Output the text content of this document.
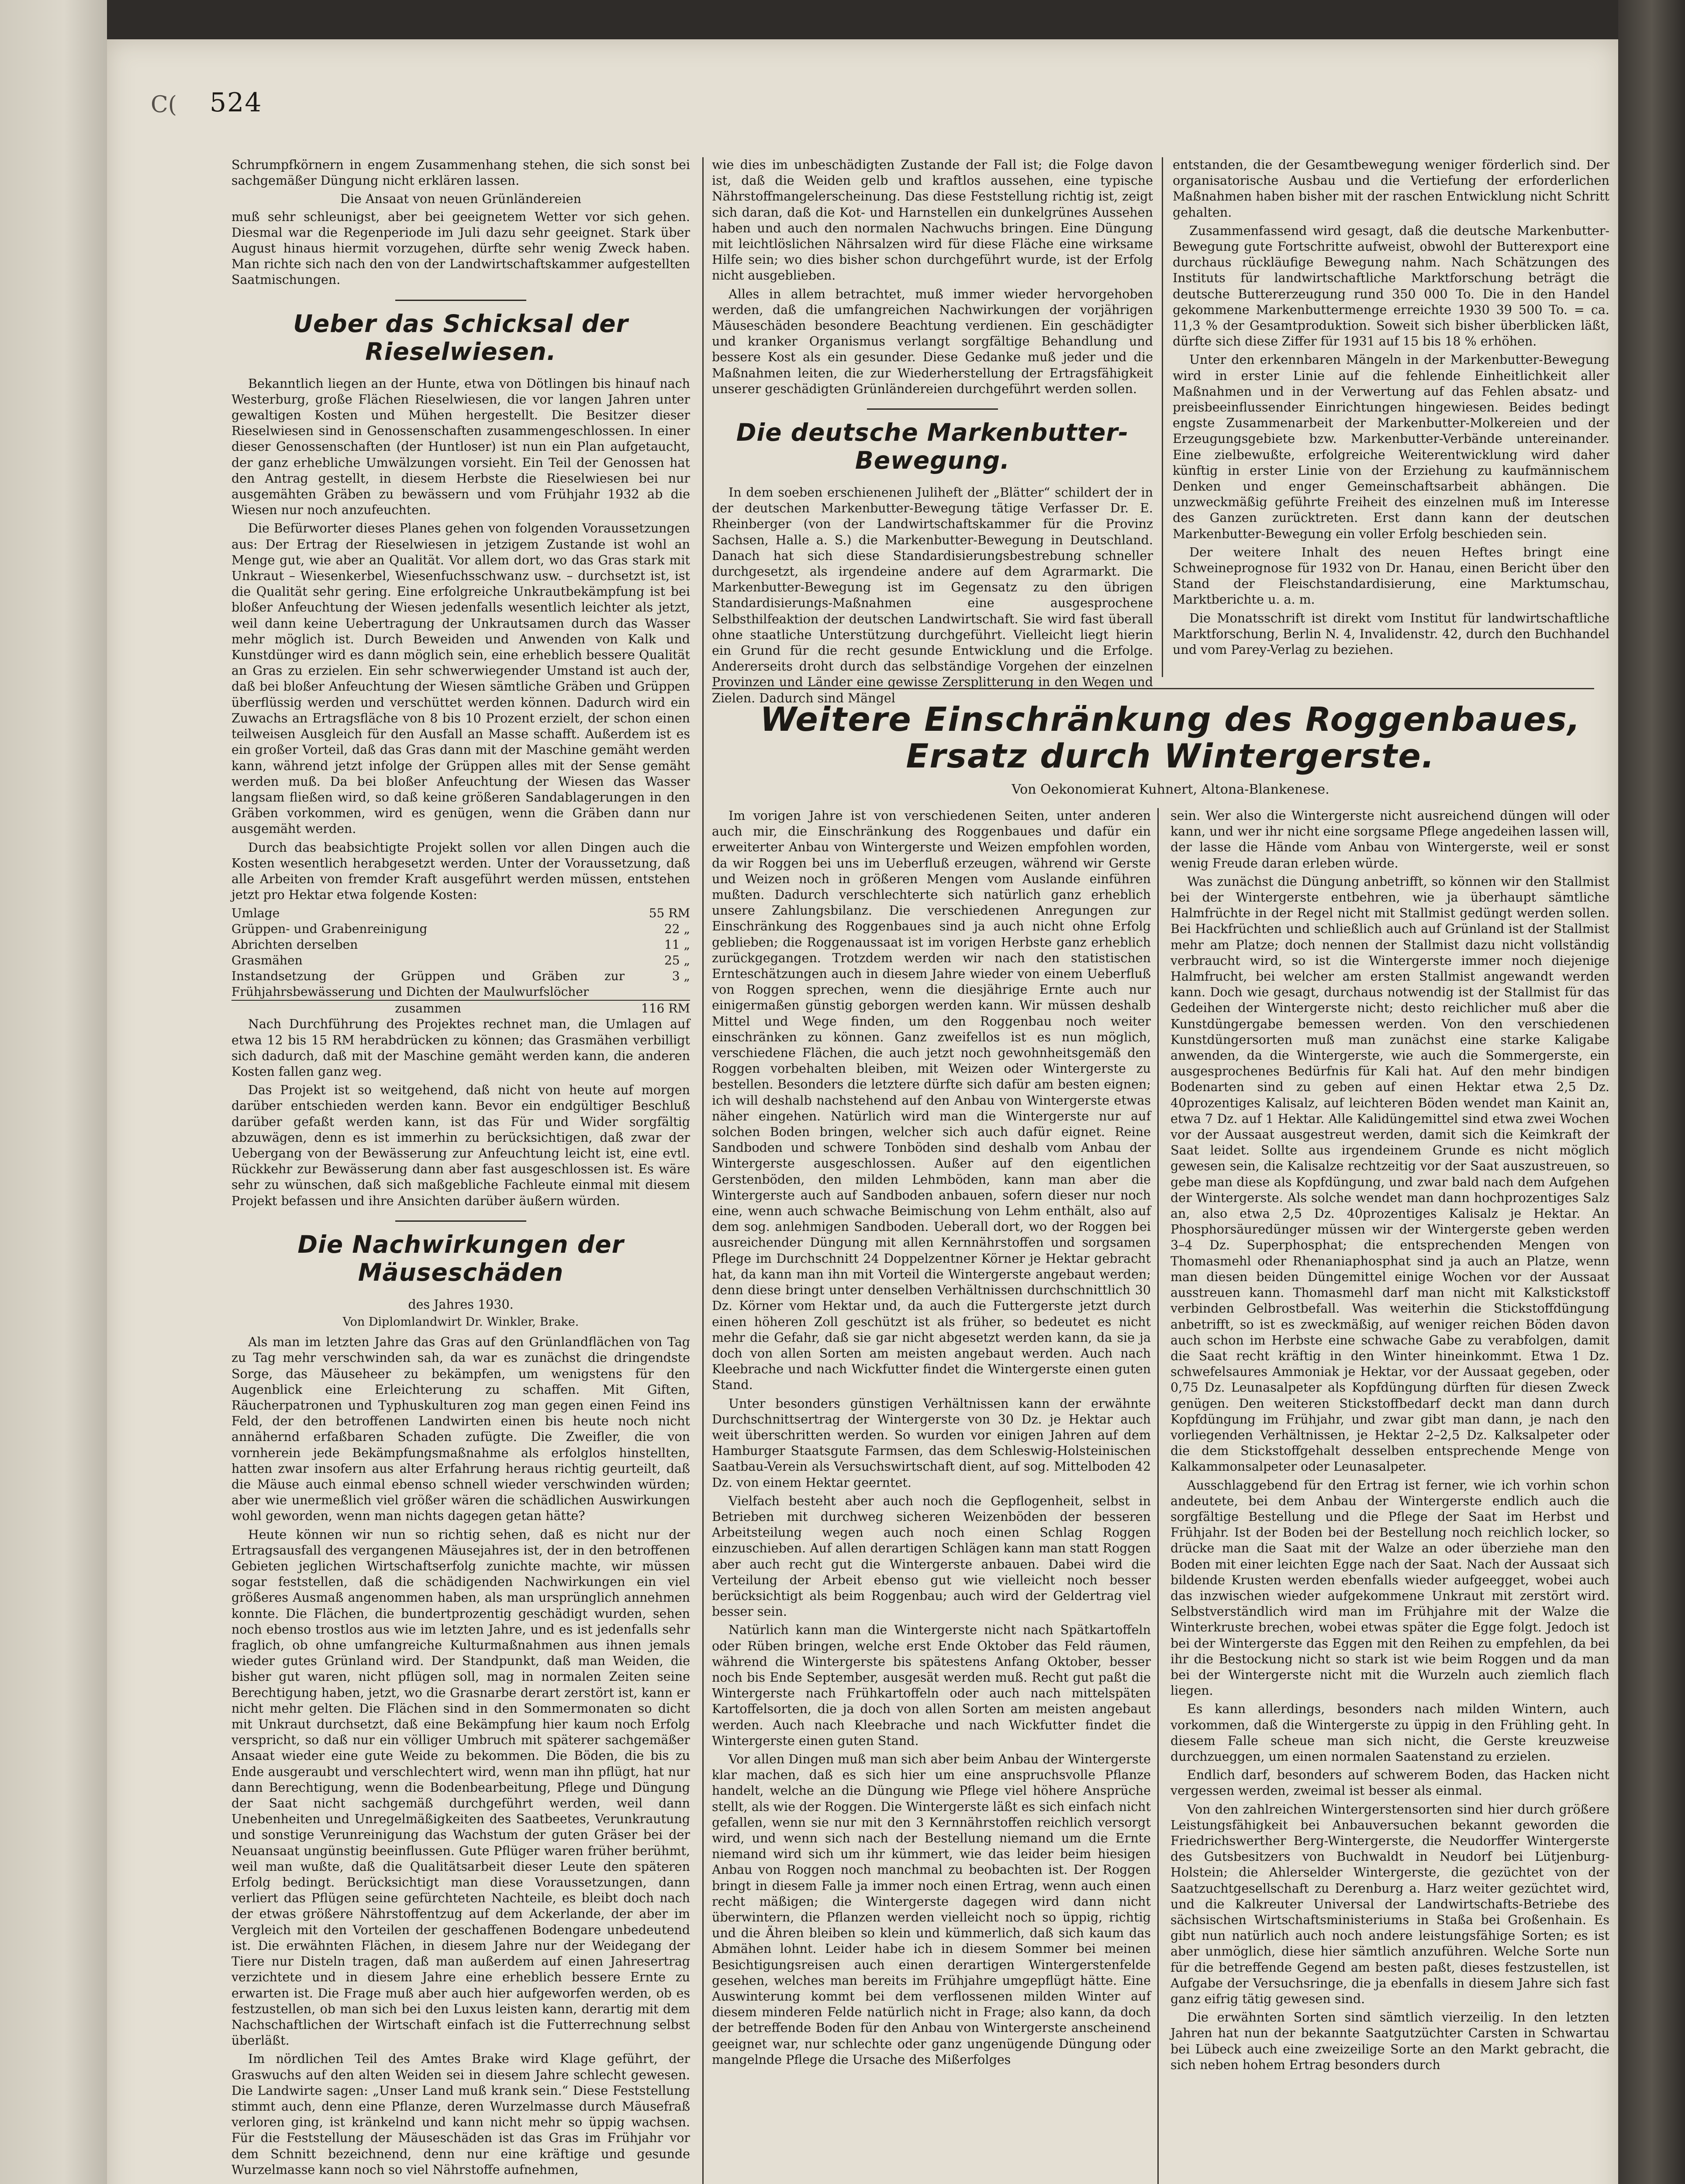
C( 524

Schrumpfkörnern in engem Zusammenhang stehen, die sich sonst bei sachgemäßer Düngung nicht erklären lassen.

Die Ansaat von neuen Grünländereien

muß sehr schleunigst, aber bei geeignetem Wetter vor sich gehen. Diesmal war die Regenperiode im Juli dazu sehr geeignet. Stark über August hinaus hiermit vorzugehen, dürfte sehr wenig Zweck haben. Man richte sich nach den von der Landwirtschaftskammer aufgestellten Saatmischungen.

Ueber das Schicksal der Rieselwiesen.

Bekanntlich liegen an der Hunte, etwa von Dötlingen bis hinauf nach Westerburg, große Flächen Rieselwiesen, die vor langen Jahren unter gewaltigen Kosten und Mühen hergestellt. Die Besitzer dieser Rieselwiesen sind in Genossenschaften zusammengeschlossen. In einer dieser Genossenschaften (der Huntloser) ist nun ein Plan aufgetaucht, der ganz erhebliche Umwälzungen vorsieht. Ein Teil der Genossen hat den Antrag gestellt, in diesem Herbste die Rieselwiesen bei nur ausgemähten Gräben zu bewässern und vom Frühjahr 1932 ab die Wiesen nur noch anzufeuchten.

Die Befürworter dieses Planes gehen von folgenden Voraussetzungen aus: Der Ertrag der Rieselwiesen in jetzigem Zustande ist wohl an Menge gut, wie aber an Qualität. Vor allem dort, wo das Gras stark mit Unkraut – Wiesenkerbel, Wiesenfuchsschwanz usw. – durchsetzt ist, ist die Qualität sehr gering. Eine erfolgreiche Unkrautbekämpfung ist bei bloßer Anfeuchtung der Wiesen jedenfalls wesentlich leichter als jetzt, weil dann keine Uebertragung der Unkrautsamen durch das Wasser mehr möglich ist. Durch Beweiden und Anwenden von Kalk und Kunstdünger wird es dann möglich sein, eine erheblich bessere Qualität an Gras zu erzielen. Ein sehr schwerwiegender Umstand ist auch der, daß bei bloßer Anfeuchtung der Wiesen sämtliche Gräben und Grüppen überflüssig werden und verschüttet werden können. Dadurch wird ein Zuwachs an Ertragsfläche von 8 bis 10 Prozent erzielt, der schon einen teilweisen Ausgleich für den Ausfall an Masse schafft. Außerdem ist es ein großer Vorteil, daß das Gras dann mit der Maschine gemäht werden kann, während jetzt infolge der Grüppen alles mit der Sense gemäht werden muß. Da bei bloßer Anfeuchtung der Wiesen das Wasser langsam fließen wird, so daß keine größeren Sandablagerungen in den Gräben vorkommen, wird es genügen, wenn die Gräben dann nur ausgemäht werden.

Durch das beabsichtigte Projekt sollen vor allen Dingen auch die Kosten wesentlich herabgesetzt werden. Unter der Voraussetzung, daß alle Arbeiten von fremder Kraft ausgeführt werden müssen, entstehen jetzt pro Hektar etwa folgende Kosten:

Umlage	55 RM
Grüppen- und Grabenreinigung	22 „
Abrichten derselben	11 „
Grasmähen	25 „
Instandsetzung der Grüppen und Gräben zur Frühjahrsbewässerung und Dichten der Maulwurfslöcher	3 „
zusammen	116 RM

Nach Durchführung des Projektes rechnet man, die Umlagen auf etwa 12 bis 15 RM herabdrücken zu können; das Grasmähen verbilligt sich dadurch, daß mit der Maschine gemäht werden kann, die anderen Kosten fallen ganz weg.

Das Projekt ist so weitgehend, daß nicht von heute auf morgen darüber entschieden werden kann. Bevor ein endgültiger Beschluß darüber gefaßt werden kann, ist das Für und Wider sorgfältig abzuwägen, denn es ist immerhin zu berücksichtigen, daß zwar der Uebergang von der Bewässerung zur Anfeuchtung leicht ist, eine evtl. Rückkehr zur Bewässerung dann aber fast ausgeschlossen ist. Es wäre sehr zu wünschen, daß sich maßgebliche Fachleute einmal mit diesem Projekt befassen und ihre Ansichten darüber äußern würden.

Die Nachwirkungen der Mäuseschäden

des Jahres 1930.

Von Diplomlandwirt Dr. Winkler, Brake.

Als man im letzten Jahre das Gras auf den Grünlandflächen von Tag zu Tag mehr verschwinden sah, da war es zunächst die dringendste Sorge, das Mäuseheer zu bekämpfen, um wenigstens für den Augenblick eine Erleichterung zu schaffen. Mit Giften, Räucherpatronen und Typhuskulturen zog man gegen einen Feind ins Feld, der den betroffenen Landwirten einen bis heute noch nicht annähernd erfaßbaren Schaden zufügte. Die Zweifler, die von vornherein jede Bekämpfungsmaßnahme als erfolglos hinstellten, hatten zwar insofern aus alter Erfahrung heraus richtig geurteilt, daß die Mäuse auch einmal ebenso schnell wieder verschwinden würden; aber wie unermeßlich viel größer wären die schädlichen Auswirkungen wohl geworden, wenn man nichts dagegen getan hätte?

Heute können wir nun so richtig sehen, daß es nicht nur der Ertragsausfall des vergangenen Mäusejahres ist, der in den betroffenen Gebieten jeglichen Wirtschaftserfolg zunichte machte, wir müssen sogar feststellen, daß die schädigenden Nachwirkungen ein viel größeres Ausmaß angenommen haben, als man ursprünglich annehmen konnte. Die Flächen, die bundertprozentig geschädigt wurden, sehen noch ebenso trostlos aus wie im letzten Jahre, und es ist jedenfalls sehr fraglich, ob ohne umfangreiche Kulturmaßnahmen aus ihnen jemals wieder gutes Grünland wird. Der Standpunkt, daß man Weiden, die bisher gut waren, nicht pflügen soll, mag in normalen Zeiten seine Berechtigung haben, jetzt, wo die Grasnarbe derart zerstört ist, kann er nicht mehr gelten. Die Flächen sind in den Sommermonaten so dicht mit Unkraut durchsetzt, daß eine Bekämpfung hier kaum noch Erfolg verspricht, so daß nur ein völliger Umbruch mit späterer sachgemäßer Ansaat wieder eine gute Weide zu bekommen. Die Böden, die bis zu Ende ausgeraubt und verschlechtert wird, wenn man ihn pflügt, hat nur dann Berechtigung, wenn die Bodenbearbeitung, Pflege und Düngung der Saat nicht sachgemäß durchgeführt werden, weil dann Unebenheiten und Unregelmäßigkeiten des Saatbeetes, Verunkrautung und sonstige Verunreinigung das Wachstum der guten Gräser bei der Neuansaat ungünstig beeinflussen. Gute Pflüger waren früher berühmt, weil man wußte, daß die Qualitätsarbeit dieser Leute den späteren Erfolg bedingt. Berücksichtigt man diese Voraussetzungen, dann verliert das Pflügen seine gefürchteten Nachteile, es bleibt doch nach der etwas größere Nährstoffentzug auf dem Ackerlande, der aber im Vergleich mit den Vorteilen der geschaffenen Bodengare unbedeutend ist. Die erwähnten Flächen, in diesem Jahre nur der Weidegang der Tiere nur Disteln tragen, daß man außerdem auf einen Jahresertrag verzichtete und in diesem Jahre eine erheblich bessere Ernte zu erwarten ist. Die Frage muß aber auch hier aufgeworfen werden, ob es festzustellen, ob man sich bei den Luxus leisten kann, derartig mit dem Nachschaftlichen der Wirtschaft einfach ist die Futterrechnung selbst überläßt.

Im nördlichen Teil des Amtes Brake wird Klage geführt, der Graswuchs auf den alten Weiden sei in diesem Jahre schlecht gewesen. Die Landwirte sagen: „Unser Land muß krank sein.“ Diese Feststellung stimmt auch, denn eine Pflanze, deren Wurzelmasse durch Mäusefraß verloren ging, ist kränkelnd und kann nicht mehr so üppig wachsen. Für die Feststellung der Mäuseschäden ist das Gras im Frühjahr vor dem Schnitt bezeichnend, denn nur eine kräftige und gesunde Wurzelmasse kann noch so viel Nährstoffe aufnehmen,

wie dies im unbeschädigten Zustande der Fall ist; die Folge davon ist, daß die Weiden gelb und kraftlos aussehen, eine typische Nährstoffmangelerscheinung. Das diese Feststellung richtig ist, zeigt sich daran, daß die Kot- und Harnstellen ein dunkelgrünes Aussehen haben und auch den normalen Nachwuchs bringen. Eine Düngung mit leichtlöslichen Nährsalzen wird für diese Fläche eine wirksame Hilfe sein; wo dies bisher schon durchgeführt wurde, ist der Erfolg nicht ausgeblieben.

Alles in allem betrachtet, muß immer wieder hervorgehoben werden, daß die umfangreichen Nachwirkungen der vorjährigen Mäuseschäden besondere Beachtung verdienen. Ein geschädigter und kranker Organismus verlangt sorgfältige Behandlung und bessere Kost als ein gesunder. Diese Gedanke muß jeder und die Maßnahmen leiten, die zur Wiederherstellung der Ertragsfähigkeit unserer geschädigten Grünländereien durchgeführt werden sollen.

Die deutsche Markenbutter-Bewegung.

In dem soeben erschienenen Juliheft der „Blätter“ schildert der in der deutschen Markenbutter-Bewegung tätige Verfasser Dr. E. Rheinberger (von der Landwirtschaftskammer für die Provinz Sachsen, Halle a. S.) die Markenbutter-Bewegung in Deutschland. Danach hat sich diese Standardisierungsbestrebung schneller durchgesetzt, als irgendeine andere auf dem Agrarmarkt. Die Markenbutter-Bewegung ist im Gegensatz zu den übrigen Standardisierungs-Maßnahmen eine ausgesprochene Selbsthilfeaktion der deutschen Landwirtschaft. Sie wird fast überall ohne staatliche Unterstützung durchgeführt. Vielleicht liegt hierin ein Grund für die recht gesunde Entwicklung und die Erfolge. Andererseits droht durch das selbständige Vorgehen der einzelnen Provinzen und Länder eine gewisse Zersplitterung in den Wegen und Zielen. Dadurch sind Mängel

entstanden, die der Gesamtbewegung weniger förderlich sind. Der organisatorische Ausbau und die Vertiefung der erforderlichen Maßnahmen haben bisher mit der raschen Entwicklung nicht Schritt gehalten.

Zusammenfassend wird gesagt, daß die deutsche Markenbutter-Bewegung gute Fortschritte aufweist, obwohl der Butterexport eine durchaus rückläufige Bewegung nahm. Nach Schätzungen des Instituts für landwirtschaftliche Marktforschung beträgt die deutsche Buttererzeugung rund 350 000 To. Die in den Handel gekommene Markenbuttermenge erreichte 1930 39 500 To. = ca. 11,3 % der Gesamtproduktion. Soweit sich bisher überblicken läßt, dürfte sich diese Ziffer für 1931 auf 15 bis 18 % erhöhen.

Unter den erkennbaren Mängeln in der Markenbutter-Bewegung wird in erster Linie auf die fehlende Einheitlichkeit aller Maßnahmen und in der Verwertung auf das Fehlen absatz- und preisbeeinflussender Einrichtungen hingewiesen. Beides bedingt engste Zusammenarbeit der Markenbutter-Molkereien und der Erzeugungsgebiete bzw. Markenbutter-Verbände untereinander. Eine zielbewußte, erfolgreiche Weiterentwicklung wird daher künftig in erster Linie von der Erziehung zu kaufmännischem Denken und enger Gemeinschaftsarbeit abhängen. Die unzweckmäßig geführte Freiheit des einzelnen muß im Interesse des Ganzen zurücktreten. Erst dann kann der deutschen Markenbutter-Bewegung ein voller Erfolg beschieden sein.

Der weitere Inhalt des neuen Heftes bringt eine Schweineprognose für 1932 von Dr. Hanau, einen Bericht über den Stand der Fleischstandardisierung, eine Marktumschau, Marktberichte u. a. m.

Die Monatsschrift ist direkt vom Institut für landwirtschaftliche Marktforschung, Berlin N. 4, Invalidenstr. 42, durch den Buchhandel und vom Parey-Verlag zu beziehen.

Weitere Einschränkung des Roggenbaues,
Ersatz durch Wintergerste.
Von Oekonomierat Kuhnert, Altona-Blankenese.

Im vorigen Jahre ist von verschiedenen Seiten, unter anderen auch mir, die Einschränkung des Roggenbaues und dafür ein erweiterter Anbau von Wintergerste und Weizen empfohlen worden, da wir Roggen bei uns im Ueberfluß erzeugen, während wir Gerste und Weizen noch in größeren Mengen vom Auslande einführen mußten. Dadurch verschlechterte sich natürlich ganz erheblich unsere Zahlungsbilanz. Die verschiedenen Anregungen zur Einschränkung des Roggenbaues sind ja auch nicht ohne Erfolg geblieben; die Roggenaussaat ist im vorigen Herbste ganz erheblich zurückgegangen. Trotzdem werden wir nach den statistischen Ernteschätzungen auch in diesem Jahre wieder von einem Ueberfluß von Roggen sprechen, wenn die diesjährige Ernte auch nur einigermaßen günstig geborgen werden kann. Wir müssen deshalb Mittel und Wege finden, um den Roggenbau noch weiter einschränken zu können. Ganz zweifellos ist es nun möglich, verschiedene Flächen, die auch jetzt noch gewohnheitsgemäß den Roggen vorbehalten bleiben, mit Weizen oder Wintergerste zu bestellen. Besonders die letztere dürfte sich dafür am besten eignen; ich will deshalb nachstehend auf den Anbau von Wintergerste etwas näher eingehen. Natürlich wird man die Wintergerste nur auf solchen Boden bringen, welcher sich auch dafür eignet. Reine Sandboden und schwere Tonböden sind deshalb vom Anbau der Wintergerste ausgeschlossen. Außer auf den eigentlichen Gerstenböden, den milden Lehmböden, kann man aber die Wintergerste auch auf Sandboden anbauen, sofern dieser nur noch eine, wenn auch schwache Beimischung von Lehm enthält, also auf dem sog. anlehmigen Sandboden. Ueberall dort, wo der Roggen bei ausreichender Düngung mit allen Kernnährstoffen und sorgsamen Pflege im Durchschnitt 24 Doppelzentner Körner je Hektar gebracht hat, da kann man ihn mit Vorteil die Wintergerste angebaut werden; denn diese bringt unter denselben Verhältnissen durchschnittlich 30 Dz. Körner vom Hektar und, da auch die Futtergerste jetzt durch einen höheren Zoll geschützt ist als früher, so bedeutet es nicht mehr die Gefahr, daß sie gar nicht abgesetzt werden kann, da sie ja doch von allen Sorten am meisten angebaut werden. Auch nach Kleebrache und nach Wickfutter findet die Wintergerste einen guten Stand.

Unter besonders günstigen Verhältnissen kann der erwähnte Durchschnittsertrag der Wintergerste von 30 Dz. je Hektar auch weit überschritten werden. So wurden vor einigen Jahren auf dem Hamburger Staatsgute Farmsen, das dem Schleswig-Holsteinischen Saatbau-Verein als Versuchswirtschaft dient, auf sog. Mittelboden 42 Dz. von einem Hektar geerntet.

Vielfach besteht aber auch noch die Gepflogenheit, selbst in Betrieben mit durchweg sicheren Weizenböden der besseren Arbeitsteilung wegen auch noch einen Schlag Roggen einzuschieben. Auf allen derartigen Schlägen kann man statt Roggen aber auch recht gut die Wintergerste anbauen. Dabei wird die Verteilung der Arbeit ebenso gut wie vielleicht noch besser berücksichtigt als beim Roggenbau; auch wird der Geldertrag viel besser sein.

Natürlich kann man die Wintergerste nicht nach Spätkartoffeln oder Rüben bringen, welche erst Ende Oktober das Feld räumen, während die Wintergerste bis spätestens Anfang Oktober, besser noch bis Ende September, ausgesät werden muß. Recht gut paßt die Wintergerste nach Frühkartoffeln oder auch nach mittelspäten Kartoffelsorten, die ja doch von allen Sorten am meisten angebaut werden. Auch nach Kleebrache und nach Wickfutter findet die Wintergerste einen guten Stand.

Vor allen Dingen muß man sich aber beim Anbau der Wintergerste klar machen, daß es sich hier um eine anspruchsvolle Pflanze handelt, welche an die Düngung wie Pflege viel höhere Ansprüche stellt, als wie der Roggen. Die Wintergerste läßt es sich einfach nicht gefallen, wenn sie nur mit den 3 Kernnährstoffen reichlich versorgt wird, und wenn sich nach der Bestellung niemand um die Ernte niemand wird sich um ihr kümmert, wie das leider beim hiesigen Anbau von Roggen noch manchmal zu beobachten ist. Der Roggen bringt in diesem Falle ja immer noch einen Ertrag, wenn auch einen recht mäßigen; die Wintergerste dagegen wird dann nicht überwintern, die Pflanzen werden vielleicht noch so üppig, richtig und die Ähren bleiben so klein und kümmerlich, daß sich kaum das Abmähen lohnt. Leider habe ich in diesem Sommer bei meinen Besichtigungsreisen auch einen derartigen Wintergerstenfelde gesehen, welches man bereits im Frühjahre umgepflügt hätte. Eine Auswinterung kommt bei dem verflossenen milden Winter auf diesem minderen Felde natürlich nicht in Frage; also kann, da doch der betreffende Boden für den Anbau von Wintergerste anscheinend geeignet war, nur schlechte oder ganz ungenügende Düngung oder mangelnde Pflege die Ursache des Mißerfolges

sein. Wer also die Wintergerste nicht ausreichend düngen will oder kann, und wer ihr nicht eine sorgsame Pflege angedeihen lassen will, der lasse die Hände vom Anbau von Wintergerste, weil er sonst wenig Freude daran erleben würde.

Was zunächst die Düngung anbetrifft, so können wir den Stallmist bei der Wintergerste entbehren, wie ja überhaupt sämtliche Halmfrüchte in der Regel nicht mit Stallmist gedüngt werden sollen. Bei Hackfrüchten und schließlich auch auf Grünland ist der Stallmist mehr am Platze; doch nennen der Stallmist dazu nicht vollständig verbraucht wird, so ist die Wintergerste immer noch diejenige Halmfrucht, bei welcher am ersten Stallmist angewandt werden kann. Doch wie gesagt, durchaus notwendig ist der Stallmist für das Gedeihen der Wintergerste nicht; desto reichlicher muß aber die Kunstdüngergabe bemessen werden. Von den verschiedenen Kunstdüngersorten muß man zunächst eine starke Kaligabe anwenden, da die Wintergerste, wie auch die Sommergerste, ein ausgesprochenes Bedürfnis für Kali hat. Auf den mehr bindigen Bodenarten sind zu geben auf einen Hektar etwa 2,5 Dz. 40prozentiges Kalisalz, auf leichteren Böden wendet man Kainit an, etwa 7 Dz. auf 1 Hektar. Alle Kalidüngemittel sind etwa zwei Wochen vor der Aussaat ausgestreut werden, damit sich die Keimkraft der Saat leidet. Sollte aus irgendeinem Grunde es nicht möglich gewesen sein, die Kalisalze rechtzeitig vor der Saat auszustreuen, so gebe man diese als Kopfdüngung, und zwar bald nach dem Aufgehen der Wintergerste. Als solche wendet man dann hochprozentiges Salz an, also etwa 2,5 Dz. 40prozentiges Kalisalz je Hektar. An Phosphorsäuredünger müssen wir der Wintergerste geben werden 3–4 Dz. Superphosphat; die entsprechenden Mengen von Thomasmehl oder Rhenaniaphosphat sind ja auch an Platze, wenn man diesen beiden Düngemittel einige Wochen vor der Aussaat ausstreuen kann. Thomasmehl darf man nicht mit Kalkstickstoff verbinden Gelbrostbefall. Was weiterhin die Stickstoffdüngung anbetrifft, so ist es zweckmäßig, auf weniger reichen Böden davon auch schon im Herbste eine schwache Gabe zu verabfolgen, damit die Saat recht kräftig in den Winter hineinkommt. Etwa 1 Dz. schwefelsaures Ammoniak je Hektar, vor der Aussaat gegeben, oder 0,75 Dz. Leunasalpeter als Kopfdüngung dürften für diesen Zweck genügen. Den weiteren Stickstoffbedarf deckt man dann durch Kopfdüngung im Frühjahr, und zwar gibt man dann, je nach den vorliegenden Verhältnissen, je Hektar 2–2,5 Dz. Kalksalpeter oder die dem Stickstoffgehalt desselben entsprechende Menge von Kalkammonsalpeter oder Leunasalpeter.

Ausschlaggebend für den Ertrag ist ferner, wie ich vorhin schon andeutete, bei dem Anbau der Wintergerste endlich auch die sorgfältige Bestellung und die Pflege der Saat im Herbst und Frühjahr. Ist der Boden bei der Bestellung noch reichlich locker, so drücke man die Saat mit der Walze an oder überziehe man den Boden mit einer leichten Egge nach der Saat. Nach der Aussaat sich bildende Krusten werden ebenfalls wieder aufgeegget, wobei auch das inzwischen wieder aufgekommene Unkraut mit zerstört wird. Selbstverständlich wird man im Frühjahre mit der Walze die Winterkruste brechen, wobei etwas später die Egge folgt. Jedoch ist bei der Wintergerste das Eggen mit den Reihen zu empfehlen, da bei ihr die Bestockung nicht so stark ist wie beim Roggen und da man bei der Wintergerste nicht mit die Wurzeln auch ziemlich flach liegen.

Es kann allerdings, besonders nach milden Wintern, auch vorkommen, daß die Wintergerste zu üppig in den Frühling geht. In diesem Falle scheue man sich nicht, die Gerste kreuzweise durchzueggen, um einen normalen Saatenstand zu erzielen.

Endlich darf, besonders auf schwerem Boden, das Hacken nicht vergessen werden, zweimal ist besser als einmal.

Von den zahlreichen Wintergerstensorten sind hier durch größere Leistungsfähigkeit bei Anbauversuchen bekannt geworden die Friedrichswerther Berg-Wintergerste, die Neudorffer Wintergerste des Gutsbesitzers von Buchwaldt in Neudorf bei Lütjenburg-Holstein; die Ahlerselder Wintergerste, die gezüchtet von der Saatzuchtgesellschaft zu Derenburg a. Harz weiter gezüchtet wird, und die Kalkreuter Universal der Landwirtschafts-Betriebe des sächsischen Wirtschaftsministeriums in Staßa bei Großenhain. Es gibt nun natürlich auch noch andere leistungsfähige Sorten; es ist aber unmöglich, diese hier sämtlich anzuführen. Welche Sorte nun für die betreffende Gegend am besten paßt, dieses festzustellen, ist Aufgabe der Versuchsringe, die ja ebenfalls in diesem Jahre sich fast ganz eifrig tätig gewesen sind.

Die erwähnten Sorten sind sämtlich vierzeilig. In den letzten Jahren hat nun der bekannte Saatgutzüchter Carsten in Schwartau bei Lübeck auch eine zweizeilige Sorte an den Markt gebracht, die sich neben hohem Ertrag besonders durch
